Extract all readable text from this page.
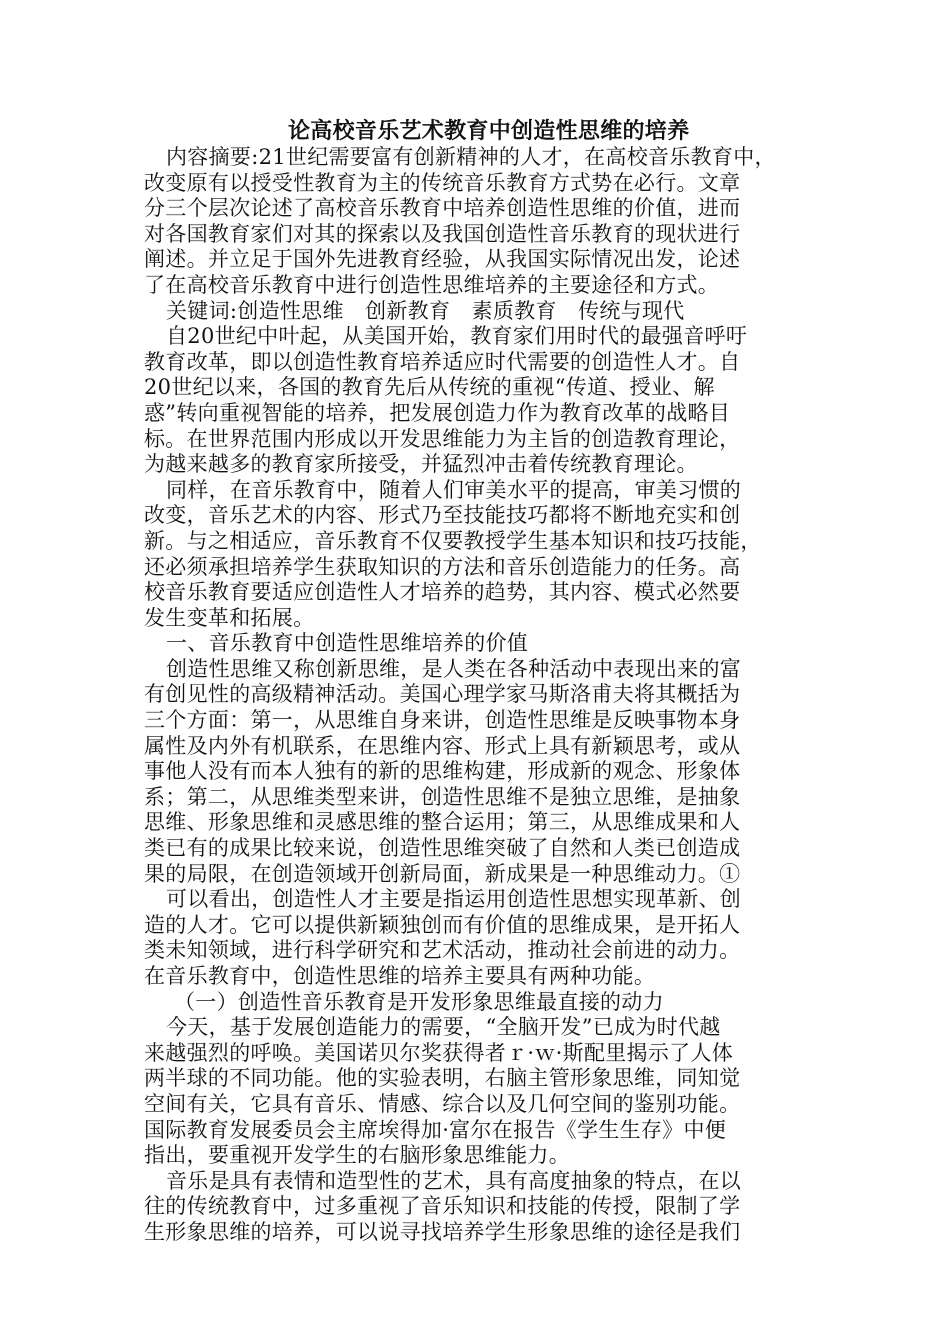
论高校音乐艺术教育中创造性思维的培养
内容摘要:21世纪需要富有创新精神的人才，在高校音乐教育中，
改变原有以授受性教育为主的传统音乐教育方式势在必行。文章
分三个层次论述了高校音乐教育中培养创造性思维的价值，进而
对各国教育家们对其的探索以及我国创造性音乐教育的现状进行
阐述。并立足于国外先进教育经验，从我国实际情况出发，论述
了在高校音乐教育中进行创造性思维培养的主要途径和方式。
关键词:创造性思维　创新教育　素质教育　传统与现代
自20世纪中叶起，从美国开始，教育家们用时代的最强音呼吁
教育改革，即以创造性教育培养适应时代需要的创造性人才。自
20世纪以来，各国的教育先后从传统的重视“传道、授业、解
惑”转向重视智能的培养，把发展创造力作为教育改革的战略目
标。在世界范围内形成以开发思维能力为主旨的创造教育理论，
为越来越多的教育家所接受，并猛烈冲击着传统教育理论。
同样，在音乐教育中，随着人们审美水平的提高，审美习惯的
改变，音乐艺术的内容、形式乃至技能技巧都将不断地充实和创
新。与之相适应，音乐教育不仅要教授学生基本知识和技巧技能，
还必须承担培养学生获取知识的方法和音乐创造能力的任务。高
校音乐教育要适应创造性人才培养的趋势，其内容、模式必然要
发生变革和拓展。
一、音乐教育中创造性思维培养的价值
创造性思维又称创新思维，是人类在各种活动中表现出来的富
有创见性的高级精神活动。美国心理学家马斯洛甫夫将其概括为
三个方面：第一，从思维自身来讲，创造性思维是反映事物本身
属性及内外有机联系，在思维内容、形式上具有新颖思考，或从
事他人没有而本人独有的新的思维构建，形成新的观念、形象体
系；第二，从思维类型来讲，创造性思维不是独立思维，是抽象
思维、形象思维和灵感思维的整合运用；第三，从思维成果和人
类已有的成果比较来说，创造性思维突破了自然和人类已创造成
果的局限，在创造领域开创新局面，新成果是一种思维动力。①
可以看出，创造性人才主要是指运用创造性思想实现革新、创
造的人才。它可以提供新颖独创而有价值的思维成果，是开拓人
类未知领域，进行科学研究和艺术活动，推动社会前进的动力。
在音乐教育中，创造性思维的培养主要具有两种功能。
（一）创造性音乐教育是开发形象思维最直接的动力
今天，基于发展创造能力的需要，“全脑开发”已成为时代越
来越强烈的呼唤。美国诺贝尔奖获得者ｒ·ｗ·斯配里揭示了人体
两半球的不同功能。他的实验表明，右脑主管形象思维，同知觉
空间有关，它具有音乐、情感、综合以及几何空间的鉴别功能。
国际教育发展委员会主席埃得加·富尔在报告《学生生存》中便
指出，要重视开发学生的右脑形象思维能力。
音乐是具有表情和造型性的艺术，具有高度抽象的特点，在以
往的传统教育中，过多重视了音乐知识和技能的传授，限制了学
生形象思维的培养，可以说寻找培养学生形象思维的途径是我们
